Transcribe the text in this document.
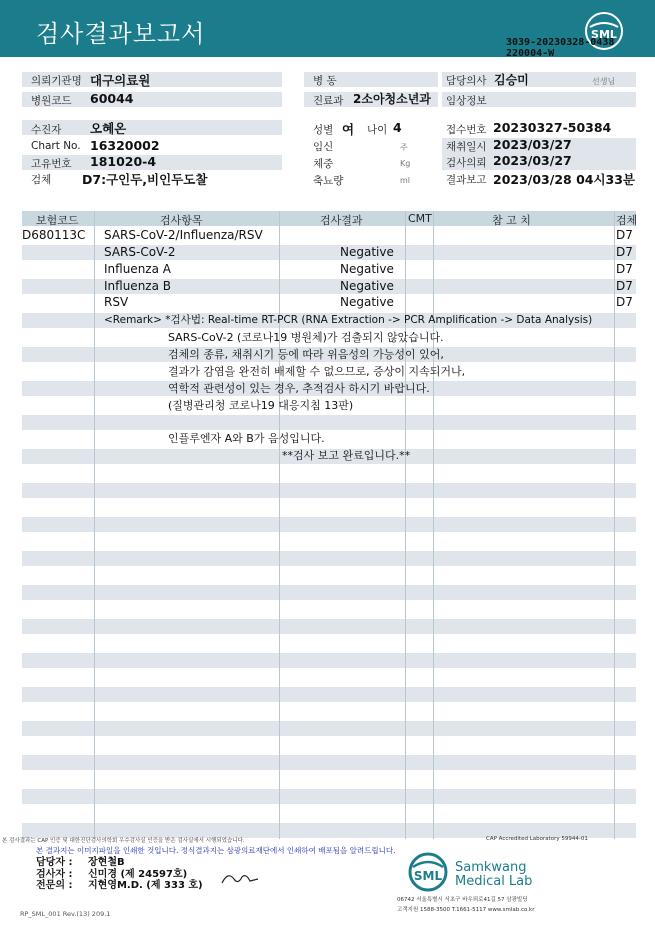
검사결과보고서	SML
3039-20230328-0438
220004-W
의뢰기관명 대구의료원
병원코드 60044
수진자 오혜온
Chart No. 16320002
고유번호 181020-4
검체 D7:구인두,비인두도찰
병 동
진료과 2소아청소년과
성별 여 나이 4
임신	주
체중	Kg
축뇨량	ml
담당의사 김승미	선생님
임상정보
접수번호 20230327-50384
채취일시 2023/03/27
검사의뢰 2023/03/27
결과보고 2023/03/28 04시33분
보험코드	검사항목	검사결과	CMT	참 고 치	검체
D680113C SARS-CoV-2/Influenza/RSV	D7
SARS-CoV-2	Negative	D7
Influenza A	Negative	D7
Influenza B	Negative	D7
RSV	Negative	D7
<Remark> *검사법: Real-time RT-PCR (RNA Extraction -> PCR Amplification -> Data Analysis)
SARS-CoV-2 (코로나19 병원체)가 검출되지 않았습니다.
검체의 종류, 채취시기 등에 따라 위음성의 가능성이 있어,
결과가 감염을 완전히 배제할 수 없으므로, 증상이 지속되거나,
역학적 관련성이 있는 경우, 추적검사 하시기 바랍니다.
(질병관리청 코로나19 대응지침 13판)
인플루엔자 A와 B가 음성입니다.
**검사 보고 완료입니다.**
본 검사결과는 CAP 인증 및 대한진단검사의학회 우수검사실 인증을 받은 검사실에서 시행되었습니다.	CAP Accredited Laboratory 59944-01
본 결과지는 이미지파일을 인쇄한 것입니다. 정식결과지는 삼광의료재단에서 인쇄하여 배포됨을 알려드립니다.
담당자 : 장현철B
검사자 : 신미경 (제 24597호)
전문의 : 지현영M.D. (제 333 호)
SML
Samkwang
Medical Lab
06742 서울특별시 서초구 바우뫼로41길 57 삼광빌딩
고객지원 1588-3500 T.1661-5117 www.smlab.co.kr
RP_SML_001 Rev.(13) 209.1
